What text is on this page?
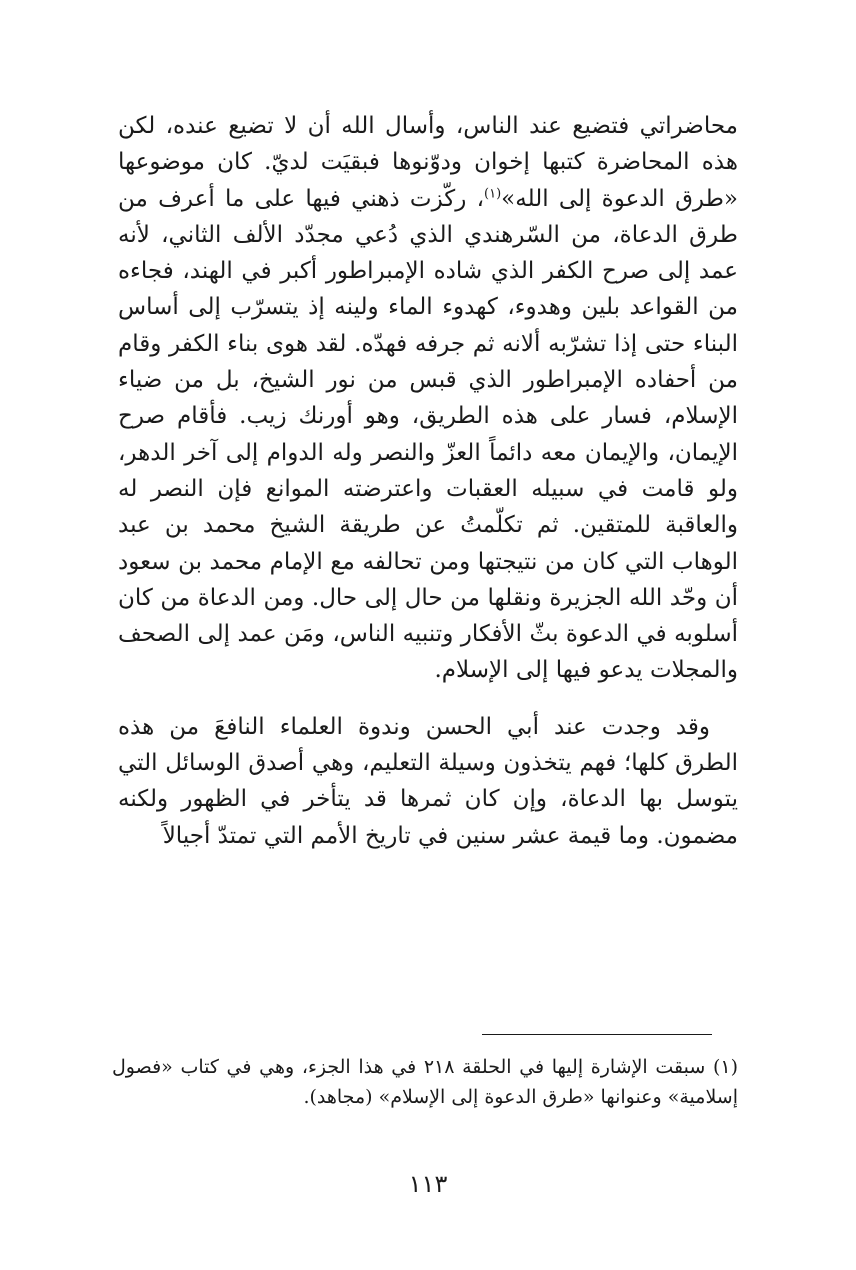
محاضراتي فتضيع عند الناس، وأسال الله أن لا تضيع عنده، لكن هذه المحاضرة كتبها إخوان ودوّنوها فبقيَت لديّ. كان موضوعها «طرق الدعوة إلى الله»$^{(١)}$، ركّزت ذهني فيها على ما أعرف من طرق الدعاة، من السّرهندي الذي دُعي مجدّد الألف الثاني، لأنه عمد إلى صرح الكفر الذي شاده الإمبراطور أكبر في الهند، فجاءه من القواعد بلين وهدوء، كهدوء الماء ولينه إذ يتسرّب إلى أساس البناء حتى إذا تشرّبه ألانه ثم جرفه فهدّه. لقد هوى بناء الكفر وقام من أحفاده الإمبراطور الذي قبس من نور الشيخ، بل من ضياء الإسلام، فسار على هذه الطريق، وهو أورنك زيب. فأقام صرح الإيمان، والإيمان معه دائماً العزّ والنصر وله الدوام إلى آخر الدهر، ولو قامت في سبيله العقبات واعترضته الموانع فإن النصر له والعاقبة للمتقين. ثم تكلّمتُ عن طريقة الشيخ محمد بن عبد الوهاب التي كان من نتيجتها ومن تحالفه مع الإمام محمد بن سعود أن وحّد الله الجزيرة ونقلها من حال إلى حال. ومن الدعاة من كان أسلوبه في الدعوة بثّ الأفكار وتنبيه الناس، ومَن عمد إلى الصحف والمجلات يدعو فيها إلى الإسلام.

وقد وجدت عند أبي الحسن وندوة العلماء النافعَ من هذه الطرق كلها؛ فهم يتخذون وسيلة التعليم، وهي أصدق الوسائل التي يتوسل بها الدعاة، وإن كان ثمرها قد يتأخر في الظهور ولكنه مضمون. وما قيمة عشر سنين في تاريخ الأمم التي تمتدّ أجيالاً

(١) سبقت الإشارة إليها في الحلقة ٢١٨ في هذا الجزء، وهي في كتاب «فصول إسلامية» وعنوانها «طرق الدعوة إلى الإسلام» (مجاهد).

١١٣
